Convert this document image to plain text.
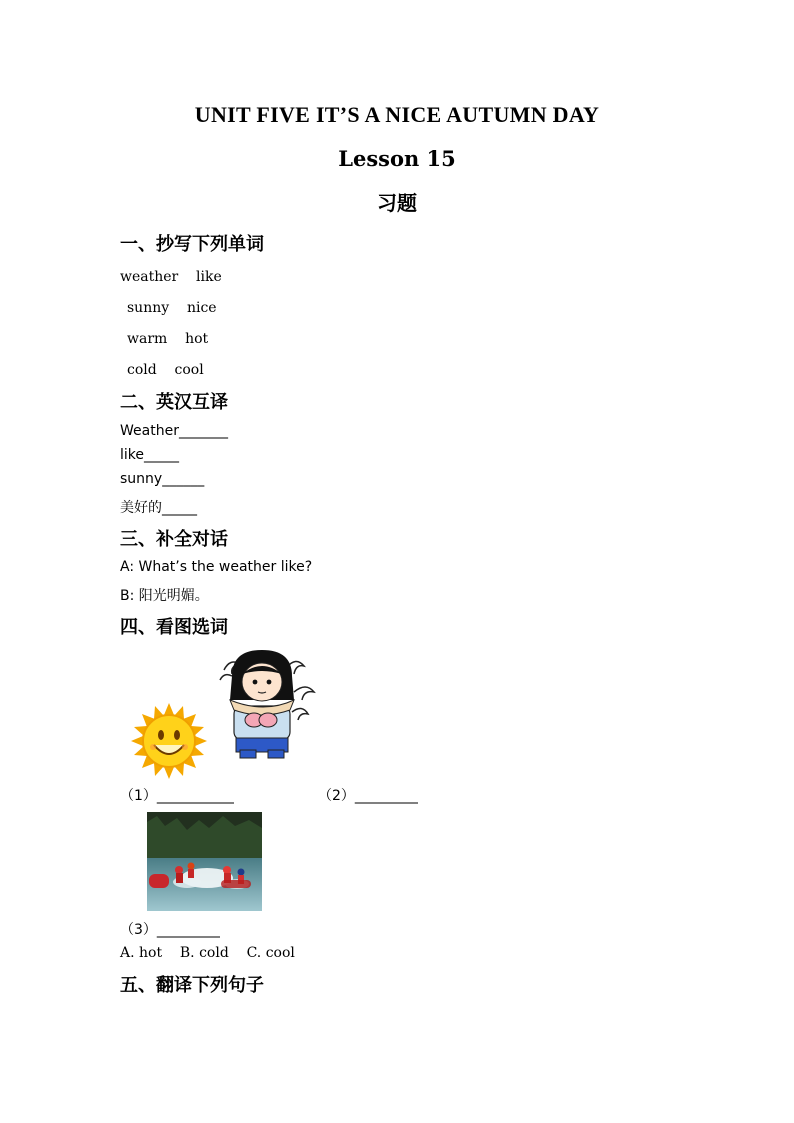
UNIT FIVE IT’S A NICE AUTUMN DAY
Lesson 15
习题
一、抄写下列单词
weather    like
sunny    nice
warm    hot
cold    cool
二、英汉互译
Weather_______
like_____
sunny______
美好的_____
三、补全对话
A: What’s the weather like?
B: 阳光明媚。
四、看图选词
（1）___________	（2）_________
（3）_________
A. hot    B. cold    C. cool
五、翻译下列句子
